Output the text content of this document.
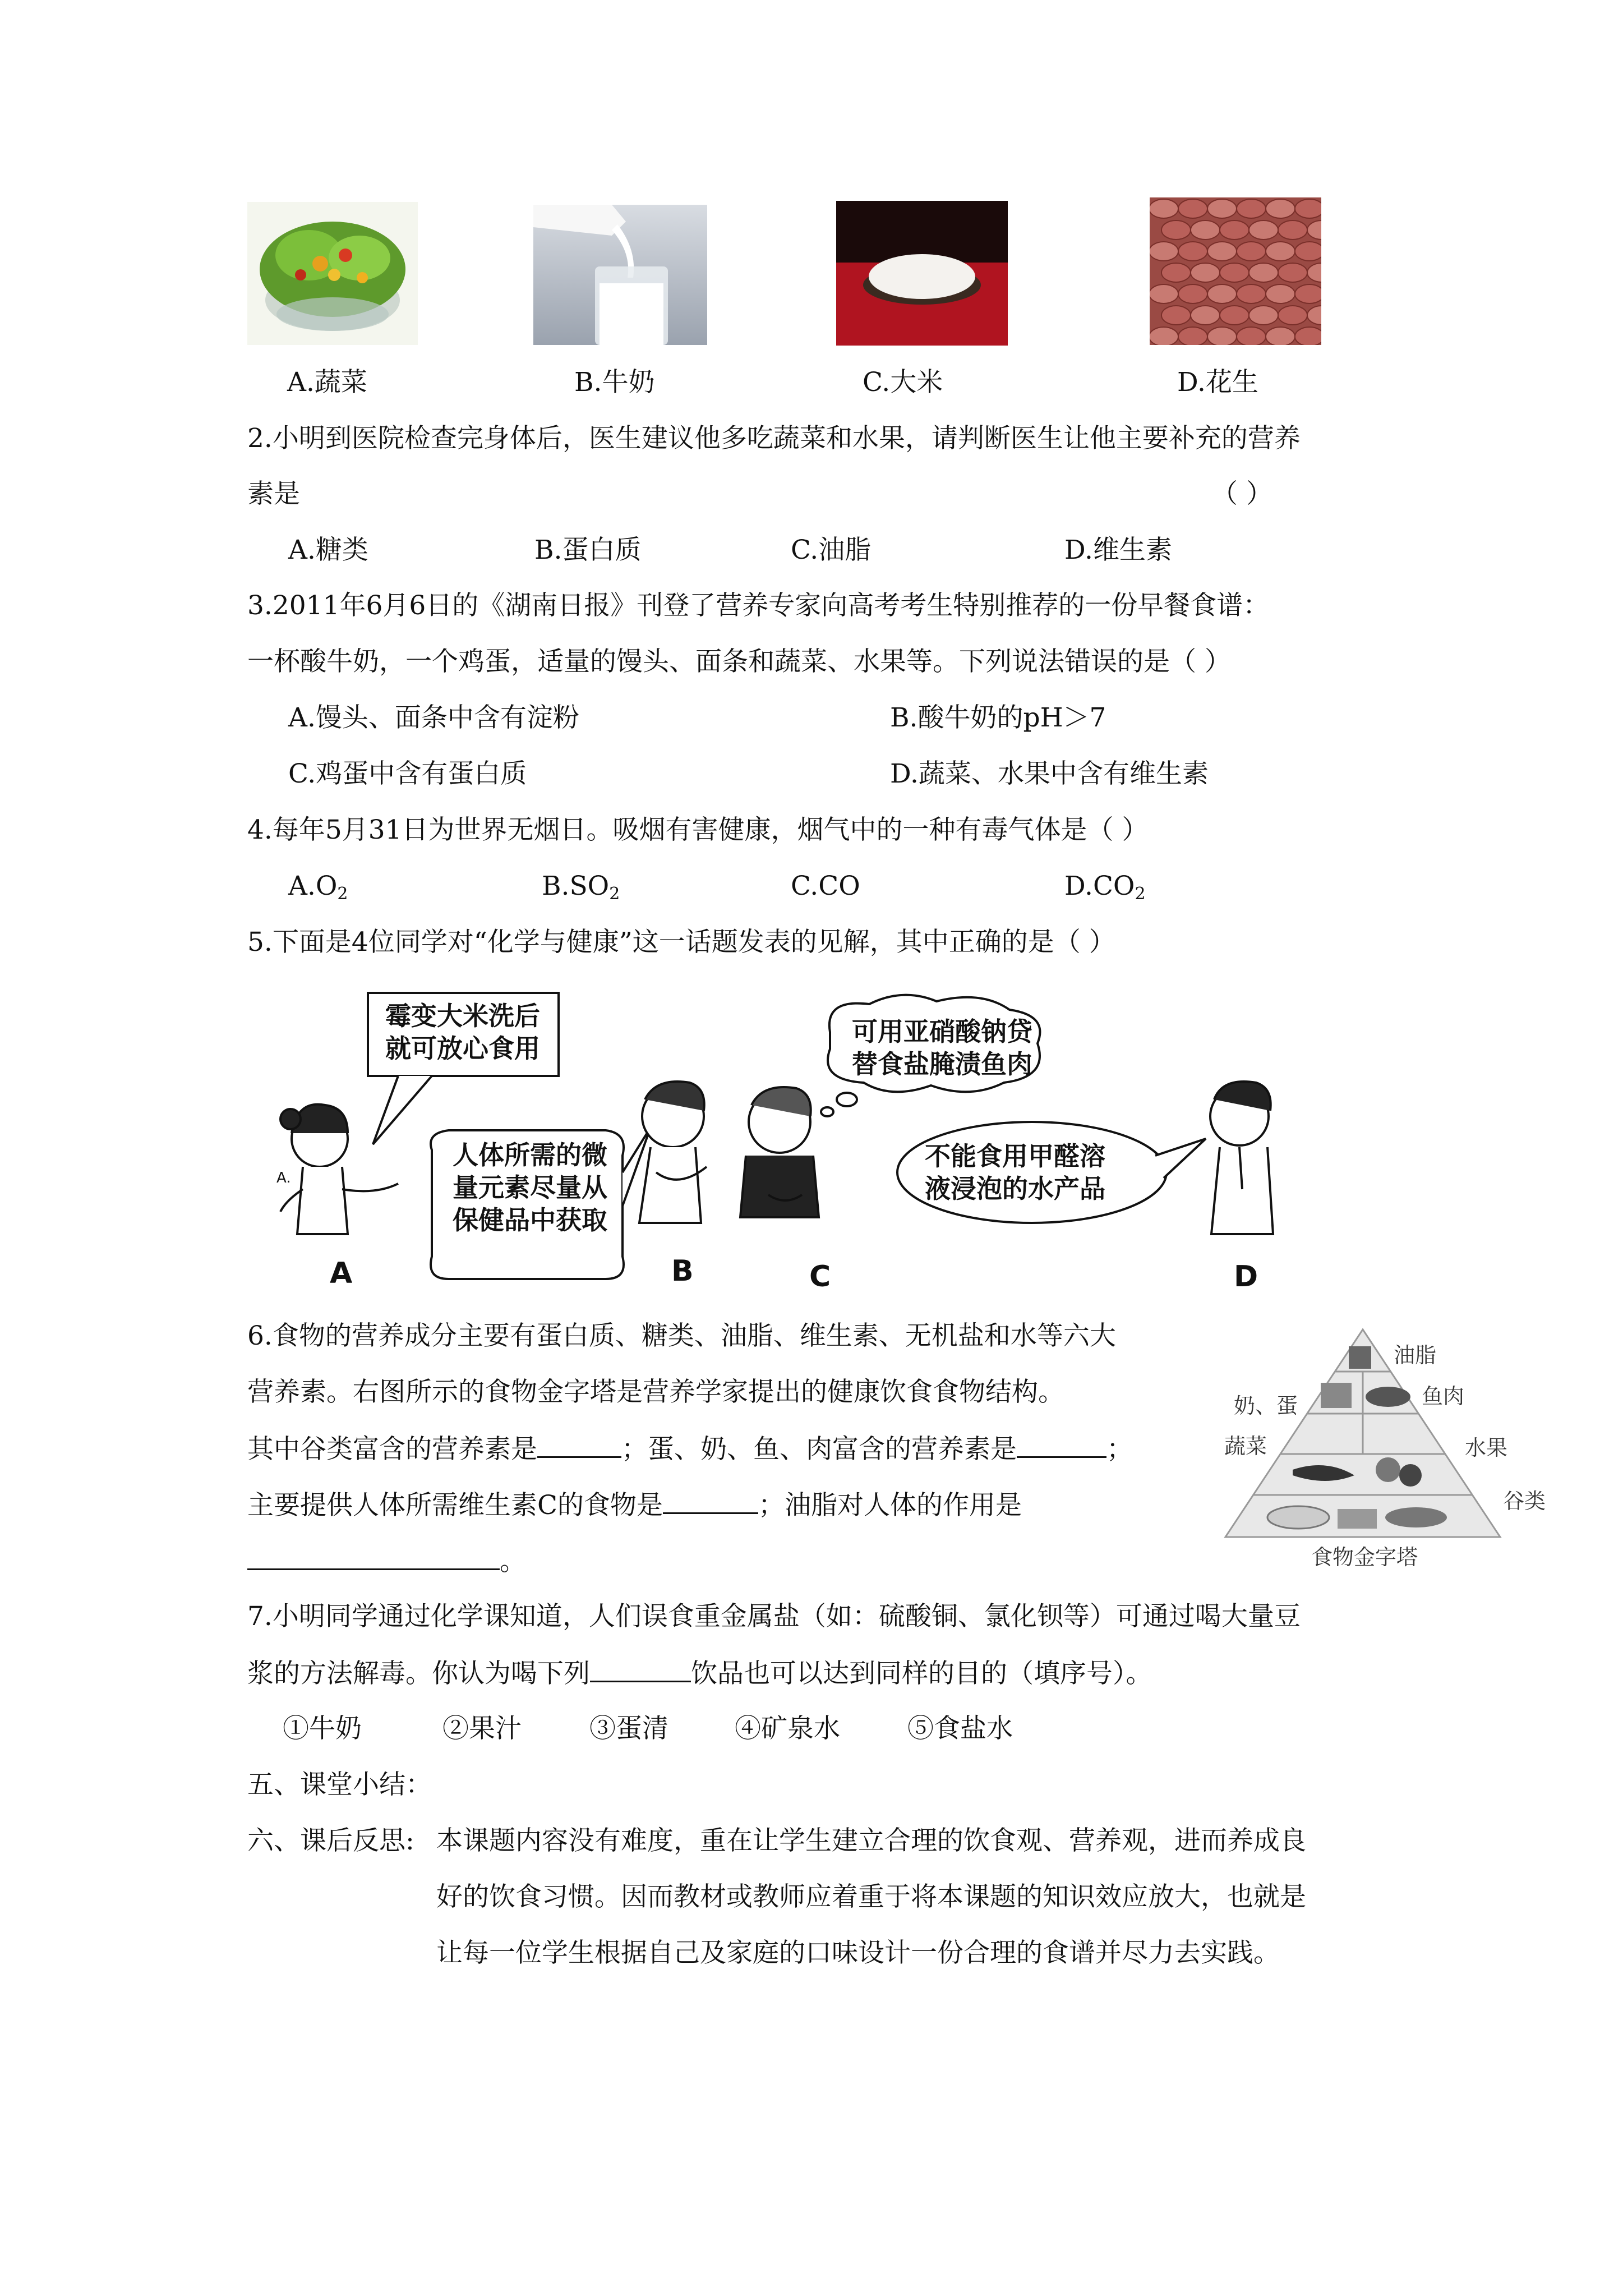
A.蔬菜	B.牛奶	C.大米	D.花生
2.小明到医院检查完身体后，医生建议他多吃蔬菜和水果，请判断医生让他主要补充的营养
素是	（ ）
A.糖类	B.蛋白质	C.油脂	D.维生素
3.2011年6月6日的《湖南日报》刊登了营养专家向高考考生特别推荐的一份早餐食谱：
一杯酸牛奶，一个鸡蛋，适量的馒头、面条和蔬菜、水果等。下列说法错误的是（ ）
A.馒头、面条中含有淀粉	B.酸牛奶的pH＞7
C.鸡蛋中含有蛋白质	D.蔬菜、水果中含有维生素
4.每年5月31日为世界无烟日。吸烟有害健康，烟气中的一种有毒气体是（ ）
$A.O_2$	$B.SO_2$	C.CO	$D.CO_2$
5.下面是4位同学对“化学与健康”这一话题发表的见解，其中正确的是（ ）
霉变大米洗后
就可放心食用
人体所需的微
量元素尽量从
保健品中获取
可用亚硝酸钠贷
替食盐腌渍鱼肉
不能食用甲醛溶
液浸泡的水产品
A.
A	B	C	D
6.食物的营养成分主要有蛋白质、糖类、油脂、维生素、无机盐和水等六大
营养素。右图所示的食物金字塔是营养学家提出的健康饮食食物结构。
其中谷类富含的营养素是	；蛋、奶、鱼、肉富含的营养素是	；
主要提供人体所需维生素C的食物是	；油脂对人体的作用是
。
油脂
鱼肉
奶、蛋
蔬菜	水果
谷类
食物金字塔
7.小明同学通过化学课知道，人们误食重金属盐（如：硫酸铜、氯化钡等）可通过喝大量豆
浆的方法解毒。你认为喝下列	饮品也可以达到同样的目的（填序号）。
①牛奶	②果汁	③蛋清	④矿泉水	⑤食盐水
五、课堂小结：
六、课后反思: 本课题内容没有难度，重在让学生建立合理的饮食观、营养观，进而养成良
好的饮食习惯。因而教材或教师应着重于将本课题的知识效应放大，也就是
让每一位学生根据自己及家庭的口味设计一份合理的食谱并尽力去实践。
